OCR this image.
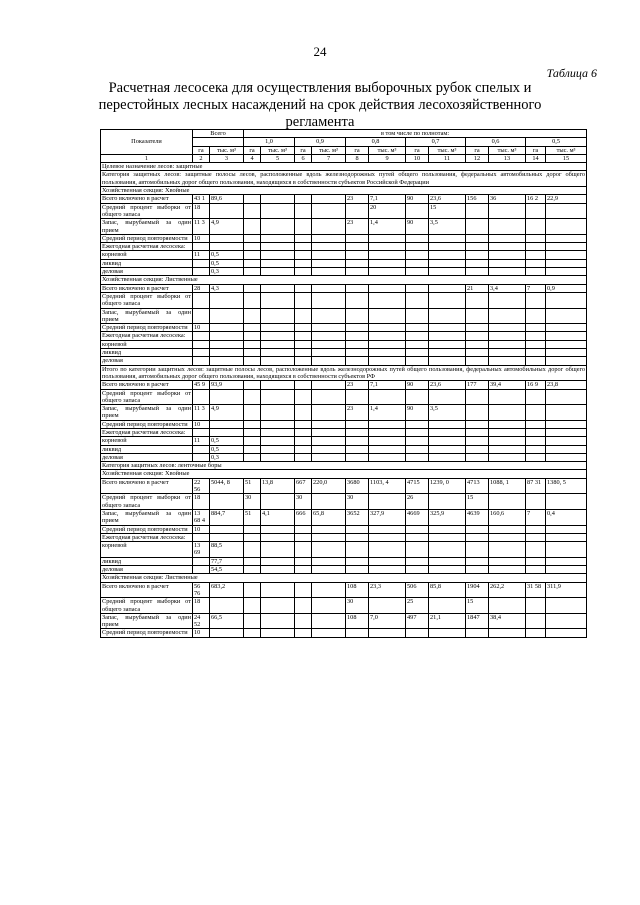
24
Таблица 6
Расчетная лесосека для осуществления выборочных рубок спелых и перестойных лесных насаждений на срок действия лесохозяйственного регламента
Показатели	Всего		в том числе по полнотам:											
			1,0		0,9		0,8		0,7		0,6		0,5	
	га	тыс. м³	га	тыс. м³	га	тыс. м³	га	тыс. м³	га	тыс. м³	га	тыс. м³	га	тыс. м³
1	2	3	4	5	6	7	8	9	10	11	12	13	14	15
Целевое назначение лесов: защитные														
Категория защитных лесов: защитные полосы лесов, расположенные вдоль железнодорожных путей общего пользования, федеральных автомобильных дорог общего пользования, автомобильных дорог общего пользования, находящихся в собственности субъектов Российской Федерации														
Хозяйственная секция: Хвойные														
Всего включено в расчет	43 1	89,6					23	7,1	90	23,6	156	36	16 2	22,9
Средний процент выборки от общего запаса	18							20		15				
Запас, вырубаемый за один прием	11 3	4,9					23	1,4	90	3,5				
Средний период повторяемости	10													
Ежегодная расчетная лесосека:														
корневой	11	0,5												
ликвид		0,5												
деловая		0,3												
Хозяйственная секция: Лиственные														
Всего включено в расчет	28	4,3									21	3,4	7	0,9
Средний процент выборки от общего запаса														
Запас, вырубаемый за один прием														
Средний период повторяемости	10													
Ежегодная расчетная лесосека:														
корневой														
ликвид														
деловая														
Итого по категории защитных лесов: защитные полосы лесов, расположенные вдоль железнодорожных путей общего пользования, федеральных автомобильных дорог общего пользования, автомобильных дорог общего пользования, находящихся в собственности субъектов РФ														
Всего включено в расчет	45 9	93,9					23	7,1	90	23,6	177	39,4	16 9	23,8
Средний процент выборки от общего запаса														
Запас, вырубаемый за один прием	11 3	4,9					23	1,4	90	3,5				
Средний период повторяемости	10													
Ежегодная расчетная лесосека:														
корневой	11	0,5												
ликвид		0,5												
деловая		0,3												
Категория защитных лесов: ленточные боры														
Хозяйственная секция: Хвойные														
Всего включено в расчет	22 56	5044, 8	51	13,8	667	220,0	3680	1103, 4	4715	1239, 0	4713	1088, 1	87 31	1380, 5
Средний процент выборки от общего запаса	18		30		30		30		26		15			
Запас, вырубаемый за один прием	13 68 4	884,7	51	4,1	666	65,8	3652	327,9	4669	325,9	4639	160,6	7	0,4
Средний период повторяемости	10													
Ежегодная расчетная лесосека:														
корневой	13 69	88,5												
ликвид		77,7												
деловая		54,5												
Хозяйственная секция: Лиственные														
Всего включено в расчет	56 76	683,2					108	23,3	506	85,8	1904	262,2	31 58	311,9
Средний процент выборки от общего запаса	18						30		25		15			
Запас, вырубаемый за один прием	24 52	66,5					108	7,0	497	21,1	1847	38,4		
Средний период повторяемости	10													
